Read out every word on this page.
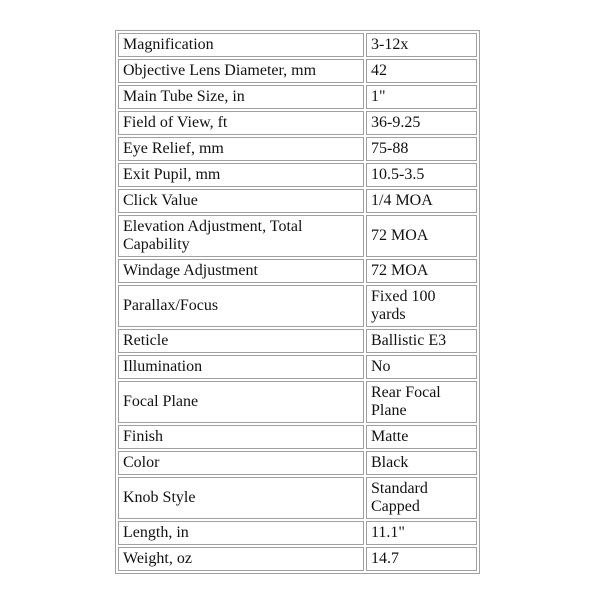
Magnification	3-12x
Objective Lens Diameter, mm	42
Main Tube Size, in	1"
Field of View, ft	36-9.25
Eye Relief, mm	75-88
Exit Pupil, mm	10.5-3.5
Click Value	1/4 MOA
Elevation Adjustment, Total Capability	72 MOA
Windage Adjustment	72 MOA
Parallax/Focus	Fixed 100 yards
Reticle	Ballistic E3
Illumination	No
Focal Plane	Rear Focal Plane
Finish	Matte
Color	Black
Knob Style	Standard Capped
Length, in	11.1"
Weight, oz	14.7
